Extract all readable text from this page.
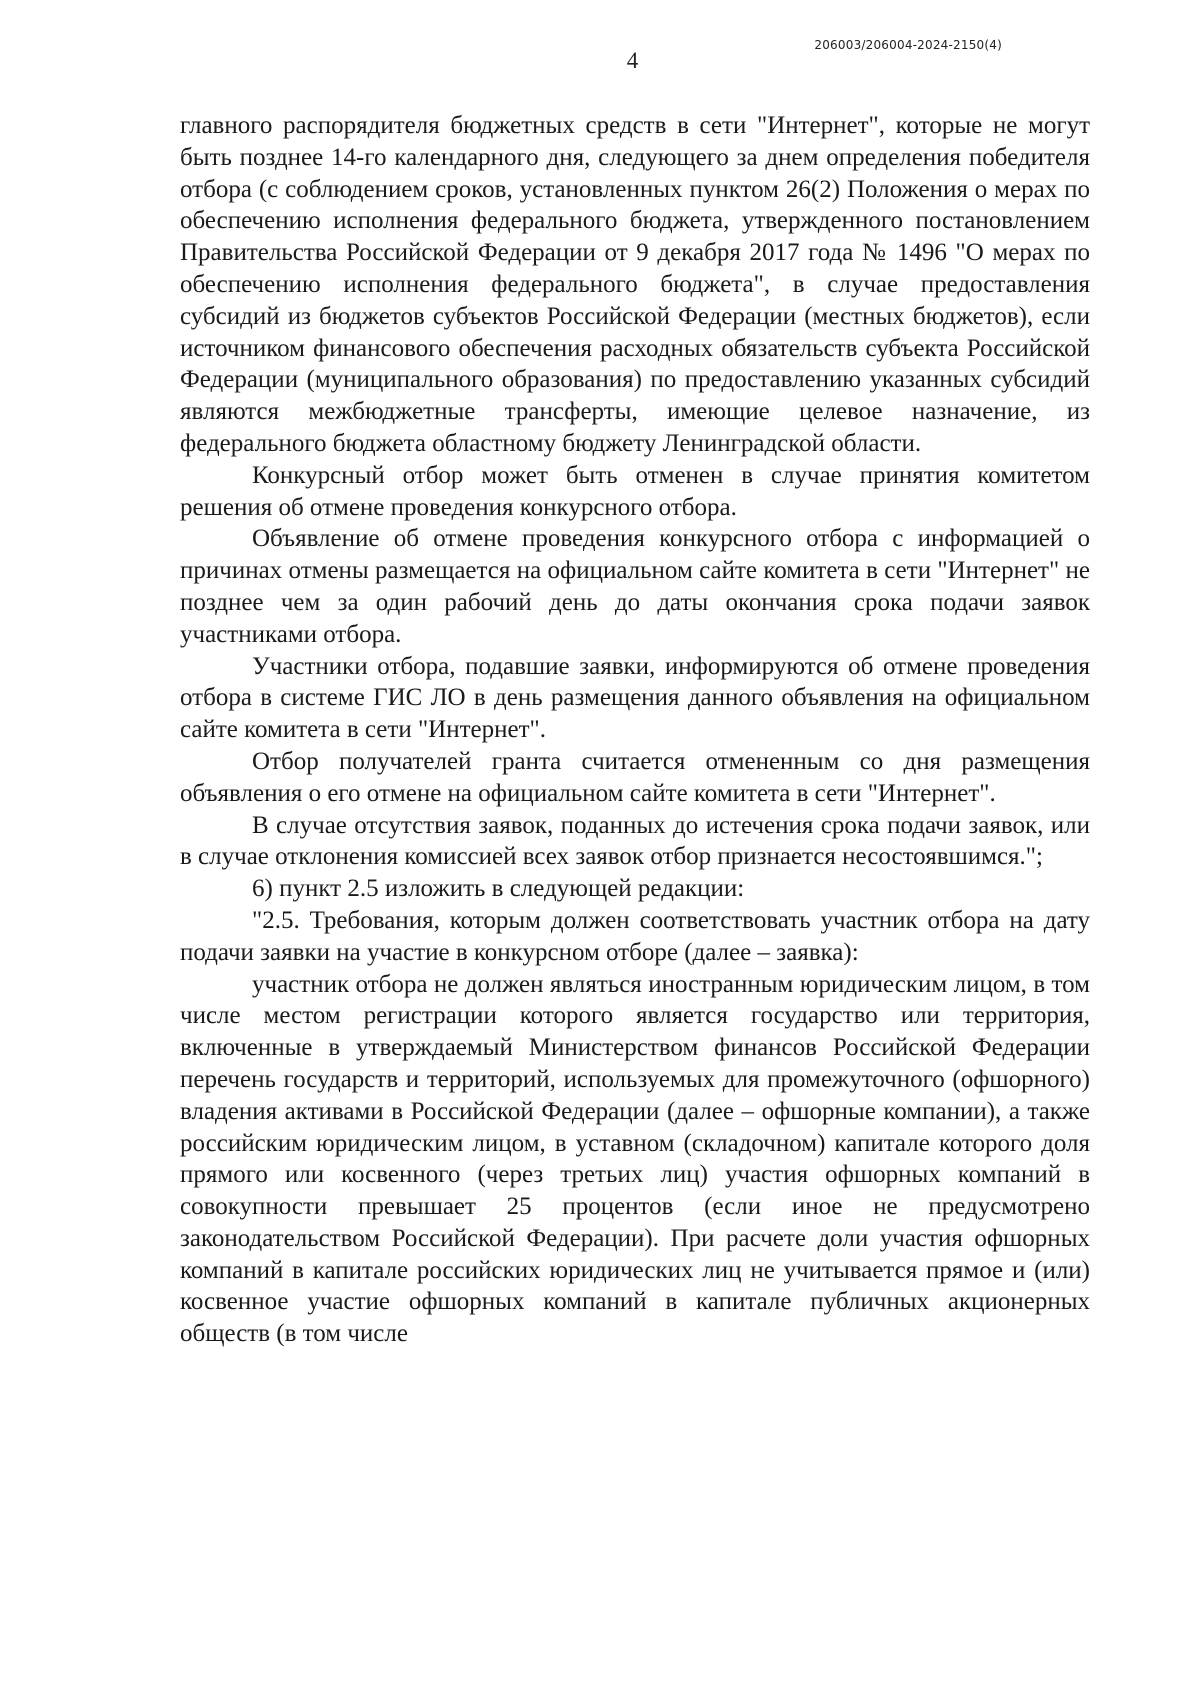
206003/206004-2024-2150(4)
4

главного распорядителя бюджетных средств в сети "Интернет", которые не могут быть позднее 14-го календарного дня, следующего за днем определения победителя отбора (с соблюдением сроков, установленных пунктом 26(2) Положения о мерах по обеспечению исполнения федерального бюджета, утвержденного постановлением Правительства Российской Федерации от 9 декабря 2017 года № 1496 "О мерах по обеспечению исполнения федерального бюджета", в случае предоставления субсидий из бюджетов субъектов Российской Федерации (местных бюджетов), если источником финансового обеспечения расходных обязательств субъекта Российской Федерации (муниципального образования) по предоставлению указанных субсидий являются межбюджетные трансферты, имеющие целевое назначение, из федерального бюджета областному бюджету Ленинградской области.

Конкурсный отбор может быть отменен в случае принятия комитетом решения об отмене проведения конкурсного отбора.

Объявление об отмене проведения конкурсного отбора с информацией о причинах отмены размещается на официальном сайте комитета в сети "Интернет" не позднее чем за один рабочий день до даты окончания срока подачи заявок участниками отбора.

Участники отбора, подавшие заявки, информируются об отмене проведения отбора в системе ГИС ЛО в день размещения данного объявления на официальном сайте комитета в сети "Интернет".

Отбор получателей гранта считается отмененным со дня размещения объявления о его отмене на официальном сайте комитета в сети "Интернет".

В случае отсутствия заявок, поданных до истечения срока подачи заявок, или в случае отклонения комиссией всех заявок отбор признается несостоявшимся.";

6) пункт 2.5 изложить в следующей редакции:

"2.5. Требования, которым должен соответствовать участник отбора на дату подачи заявки на участие в конкурсном отборе (далее – заявка):

участник отбора не должен являться иностранным юридическим лицом, в том числе местом регистрации которого является государство или территория, включенные в утверждаемый Министерством финансов Российской Федерации перечень государств и территорий, используемых для промежуточного (офшорного) владения активами в Российской Федерации (далее – офшорные компании), а также российским юридическим лицом, в уставном (складочном) капитале которого доля прямого или косвенного (через третьих лиц) участия офшорных компаний в совокупности превышает 25 процентов (если иное не предусмотрено законодательством Российской Федерации). При расчете доли участия офшорных компаний в капитале российских юридических лиц не учитывается прямое и (или) косвенное участие офшорных компаний в капитале публичных акционерных обществ (в том числе
